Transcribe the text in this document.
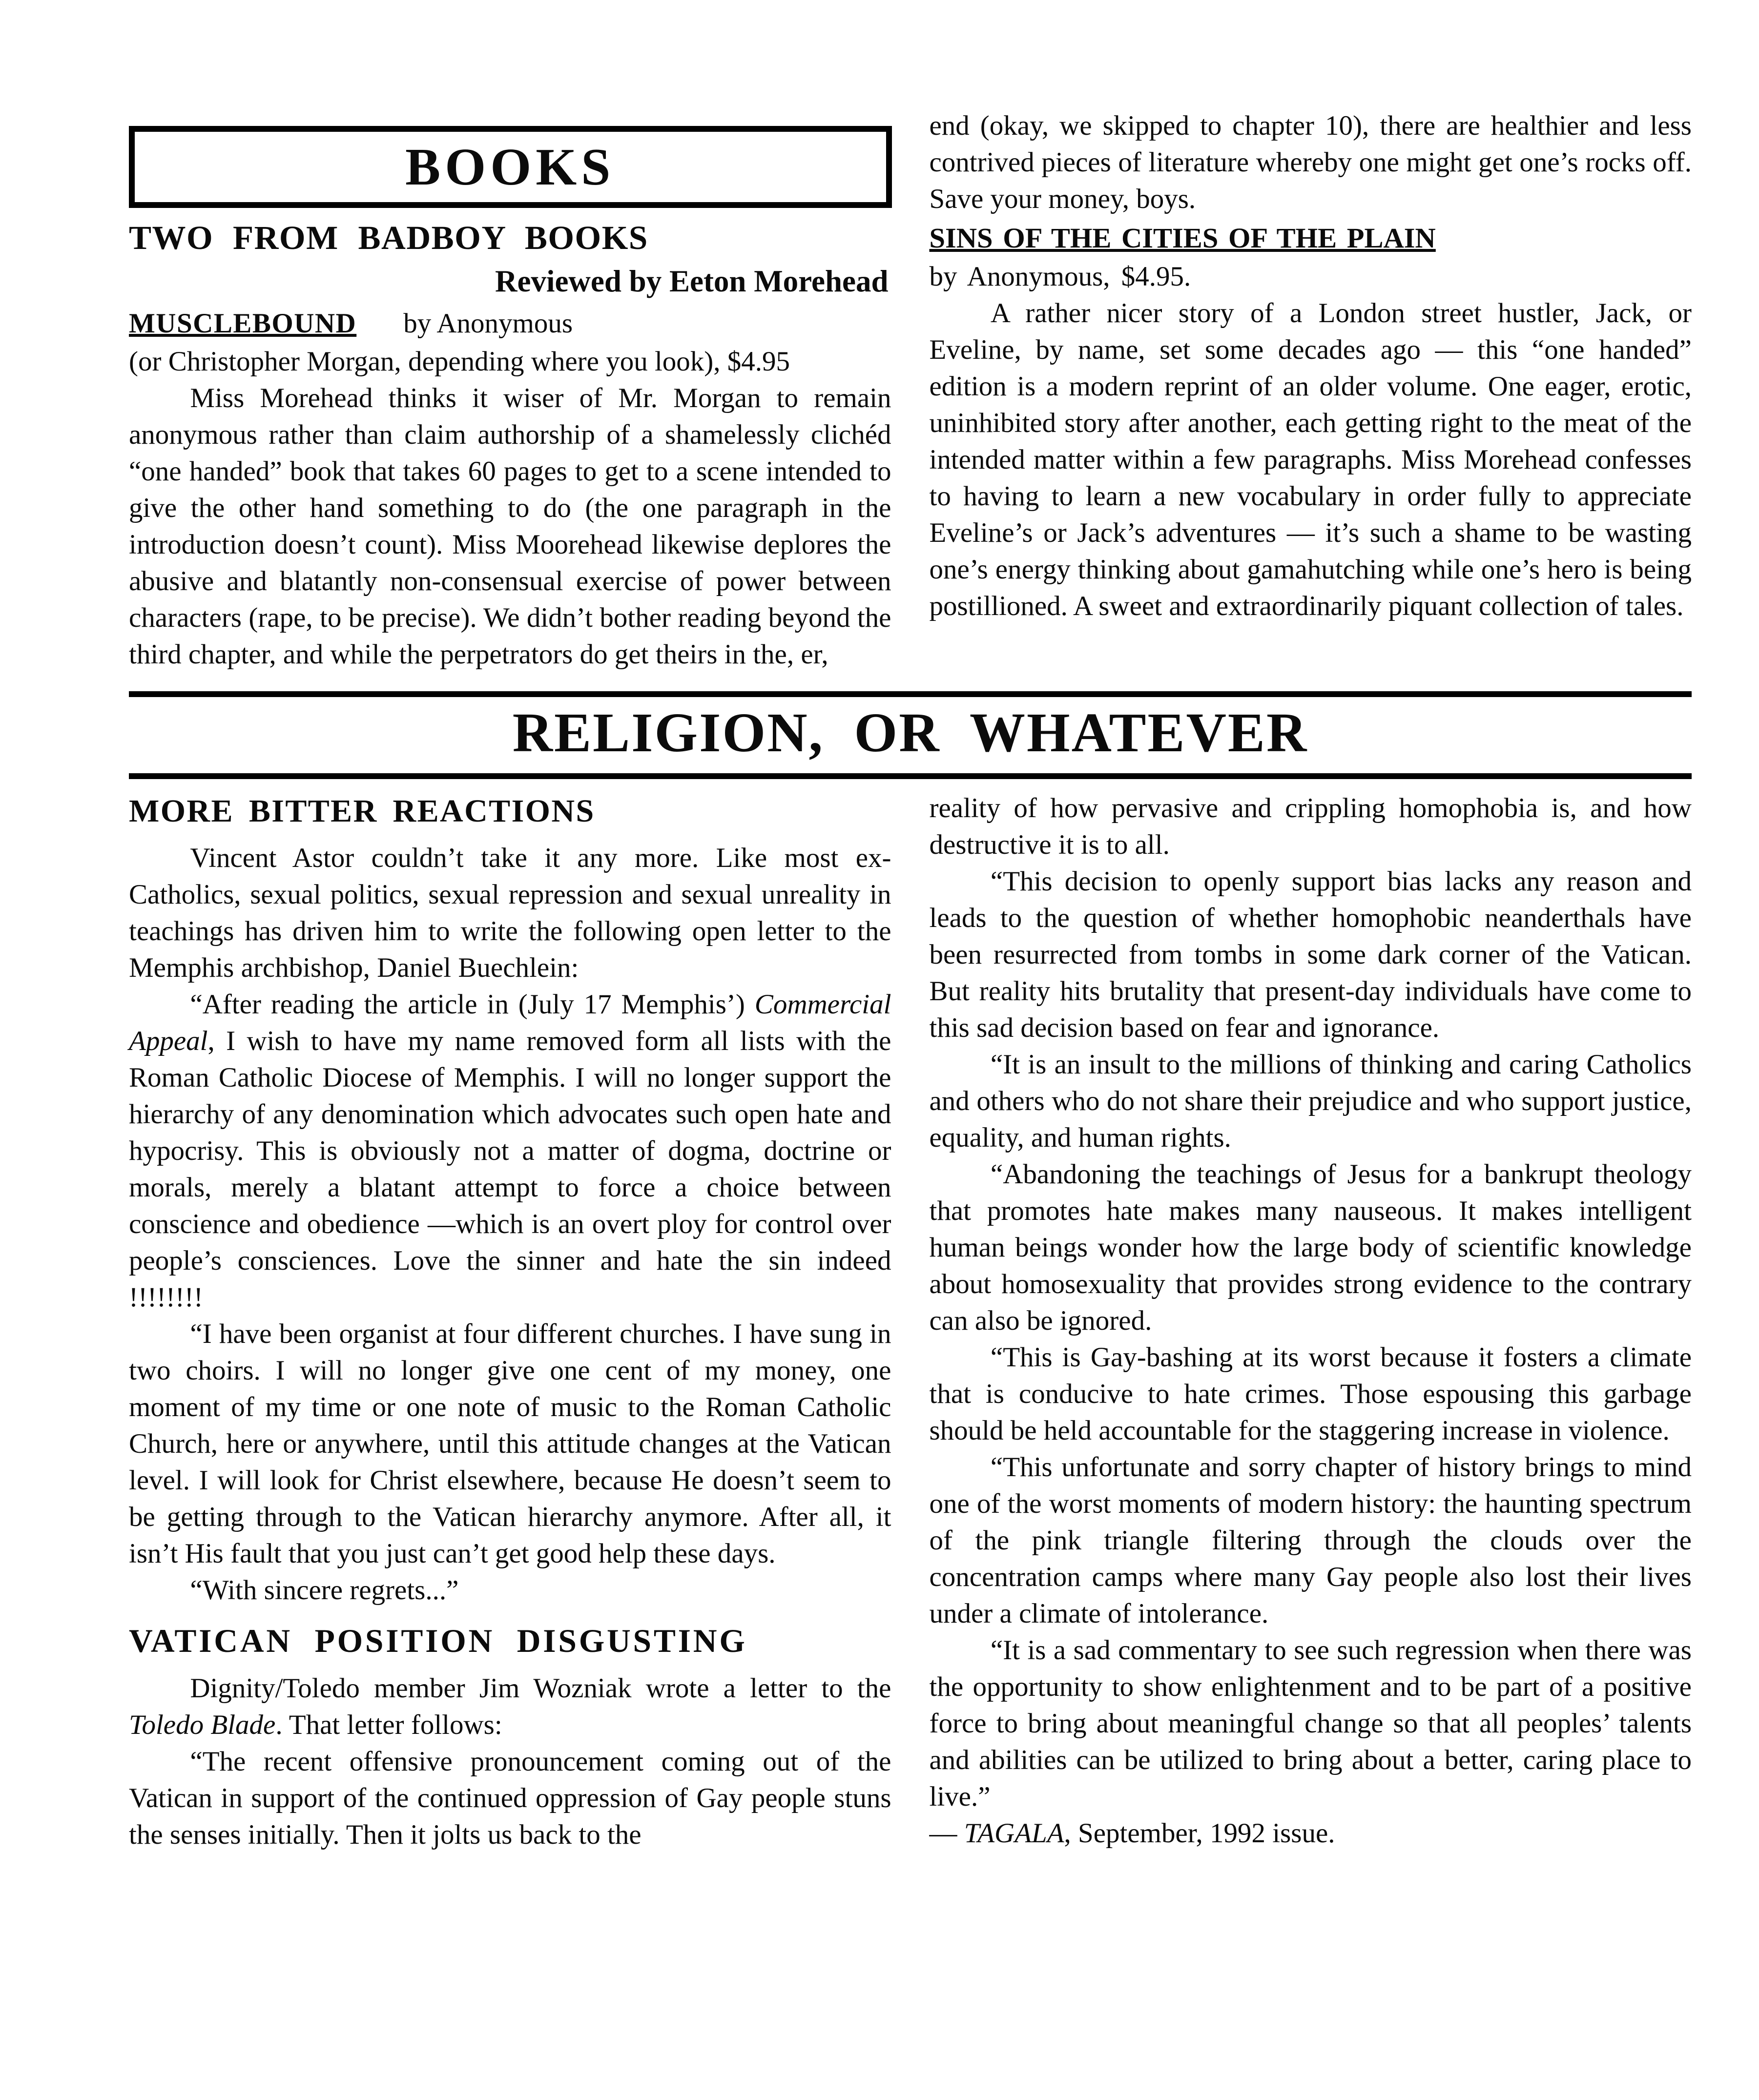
BOOKS
TWO FROM BADBOY BOOKS
Reviewed by Eeton Morehead

MUSCLEBOUND	by Anonymous

(or Christopher Morgan, depending where you look), $4.95

Miss Morehead thinks it wiser of Mr. Morgan to remain anonymous rather than claim authorship of a shamelessly clichéd “one handed” book that takes 60 pages to get to a scene intended to give the other hand something to do (the one paragraph in the introduction doesn’t count). Miss Moorehead likewise deplores the abusive and blatantly non-consensual exercise of power between characters (rape, to be precise). We didn’t bother reading beyond the third chapter, and while the perpetrators do get theirs in the, er,

end (okay, we skipped to chapter 10), there are healthier and less contrived pieces of literature whereby one might get one’s rocks off. Save your money, boys.

SINS OF THE CITIES OF THE PLAIN

by Anonymous, $4.95.

A rather nicer story of a London street hustler, Jack, or Eveline, by name, set some decades ago — this “one handed” edition is a modern reprint of an older volume. One eager, erotic, uninhibited story after another, each getting right to the meat of the intended matter within a few paragraphs. Miss Morehead confesses to having to learn a new vocabulary in order fully to appreciate Eveline’s or Jack’s adventures — it’s such a shame to be wasting one’s energy thinking about gamahutching while one’s hero is being postillioned. A sweet and extraordinarily piquant collection of tales.

RELIGION, OR WHATEVER
MORE BITTER REACTIONS

Vincent Astor couldn’t take it any more. Like most ex-Catholics, sexual politics, sexual repression and sexual unreality in teachings has driven him to write the following open letter to the Memphis archbishop, Daniel Buechlein:

“After reading the article in (July 17 Memphis’) Commercial Appeal, I wish to have my name removed form all lists with the Roman Catholic Diocese of Memphis. I will no longer support the hierarchy of any denomination which advocates such open hate and hypocrisy. This is obviously not a matter of dogma, doctrine or morals, merely a blatant attempt to force a choice between conscience and obedience —which is an overt ploy for control over people’s consciences. Love the sinner and hate the sin indeed !!!!!!!!

“I have been organist at four different churches. I have sung in two choirs. I will no longer give one cent of my money, one moment of my time or one note of music to the Roman Catholic Church, here or anywhere, until this attitude changes at the Vatican level. I will look for Christ elsewhere, because He doesn’t seem to be getting through to the Vatican hierarchy anymore. After all, it isn’t His fault that you just can’t get good help these days.

“With sincere regrets...”

VATICAN POSITION DISGUSTING

Dignity/Toledo member Jim Wozniak wrote a letter to the Toledo Blade. That letter follows:

“The recent offensive pronouncement coming out of the Vatican in support of the continued oppression of Gay people stuns the senses initially. Then it jolts us back to the

reality of how pervasive and crippling homophobia is, and how destructive it is to all.

“This decision to openly support bias lacks any reason and leads to the question of whether homophobic neanderthals have been resurrected from tombs in some dark corner of the Vatican. But reality hits brutality that present-day individuals have come to this sad decision based on fear and ignorance.

“It is an insult to the millions of thinking and caring Catholics and others who do not share their prejudice and who support justice, equality, and human rights.

“Abandoning the teachings of Jesus for a bankrupt theology that promotes hate makes many nauseous. It makes intelligent human beings wonder how the large body of scientific knowledge about homosexuality that provides strong evidence to the contrary can also be ignored.

“This is Gay-bashing at its worst because it fosters a climate that is conducive to hate crimes. Those espousing this garbage should be held accountable for the staggering increase in violence.

“This unfortunate and sorry chapter of history brings to mind one of the worst moments of modern history: the haunting spectrum of the pink triangle filtering through the clouds over the concentration camps where many Gay people also lost their lives under a climate of intolerance.

“It is a sad commentary to see such regression when there was the opportunity to show enlightenment and to be part of a positive force to bring about meaningful change so that all peoples’ talents and abilities can be utilized to bring about a better, caring place to live.”

— TAGALA, September, 1992 issue.
